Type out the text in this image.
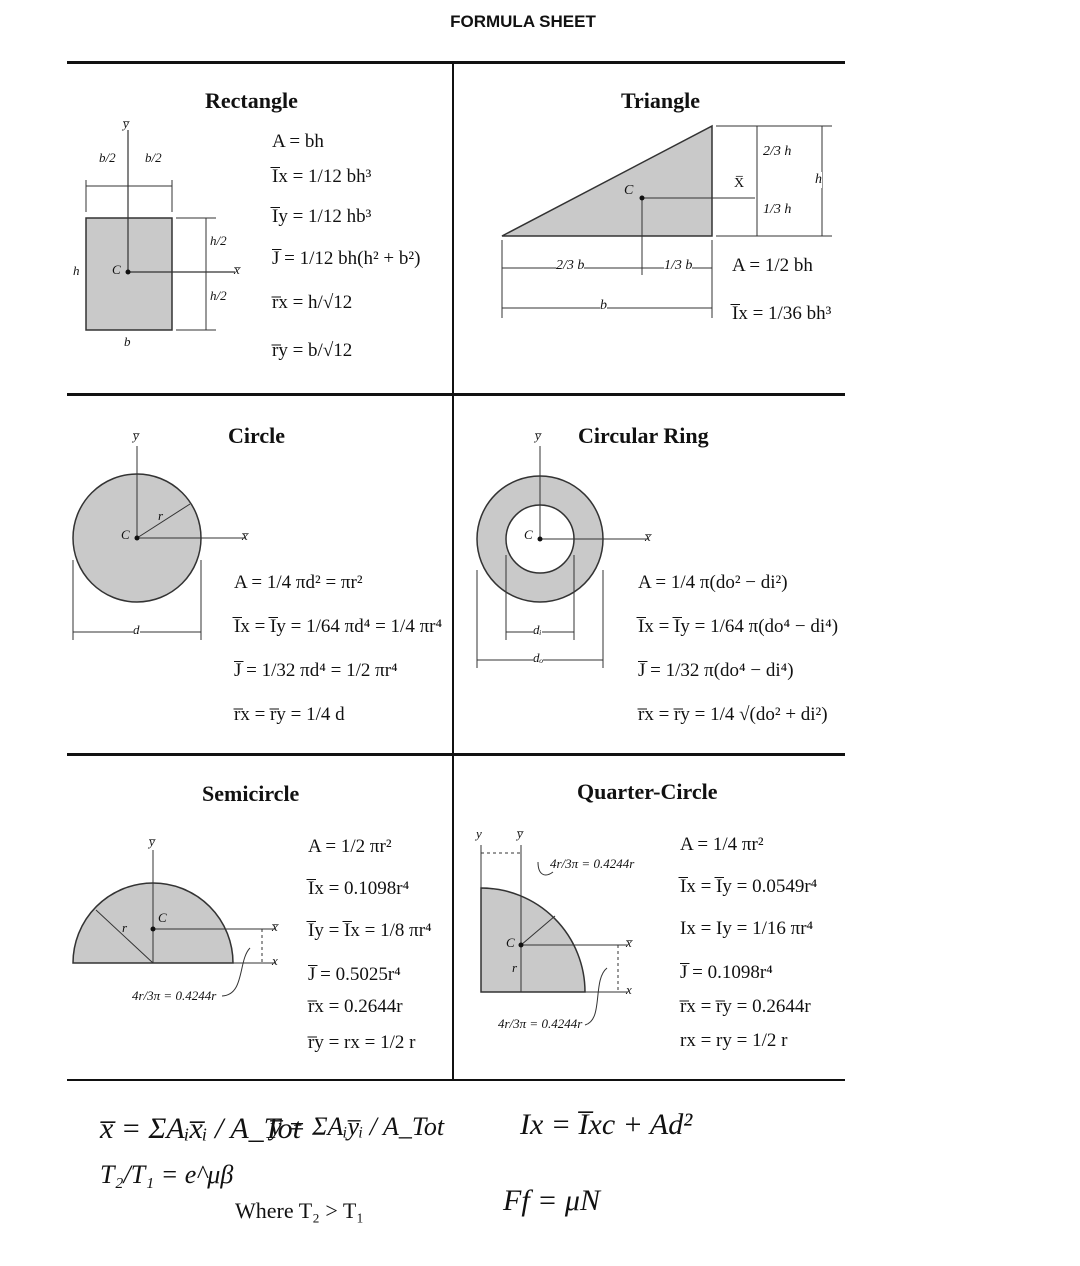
FORMULA SHEET
Rectangle
b/2 b/2
h/2
h/2
h
b
C	x̅
y̅
A = bh
I̅x = 1/12 bh³
I̅y = 1/12 hb³
J̅ = 1/12 bh(h² + b²)
r̅x = h/√12
r̅y = b/√12
Triangle
C	X̅
2/3 h
1/3 h
h
2/3 b	1/3 b
b
A = 1/2 bh
I̅x = 1/36 bh³
Circle
y̅
x̅
C
r
d
A = 1/4 πd² = πr²
I̅x = I̅y = 1/64 πd⁴ = 1/4 πr⁴
J̅ = 1/32 πd⁴ = 1/2 πr⁴
r̅x = r̅y = 1/4 d
Circular Ring
y̅
x̅
C
dᵢ
dₒ
A = 1/4 π(do² − di²)
I̅x = I̅y = 1/64 π(do⁴ − di⁴)
J̅ = 1/32 π(do⁴ − di⁴)
r̅x = r̅y = 1/4 √(do² + di²)
Semicircle
y̅
x̅
x
C
r
4r/3π = 0.4244r
A = 1/2 πr²
I̅x = 0.1098r⁴
I̅y = I̅x = 1/8 πr⁴
J̅ = 0.5025r⁴
r̅x = 0.2644r
r̅y = rx = 1/2 r
Quarter-Circle
y	y̅
x̅
x
C
r
4r/3π = 0.4244r
4r/3π = 0.4244r
A = 1/4 πr²
I̅x = I̅y = 0.0549r⁴
Ix = Iy = 1/16 πr⁴
J̅ = 0.1098r⁴
r̅x = r̅y = 0.2644r
rx = ry = 1/2 r
x̅ = ΣAᵢx̅ᵢ / A_Tot
T₂/T₁ = e^μβ
Where T₂ > T₁
y̅ = ΣAᵢy̅ᵢ / A_Tot	Ix = I̅xc + Ad²
Ff = μN
